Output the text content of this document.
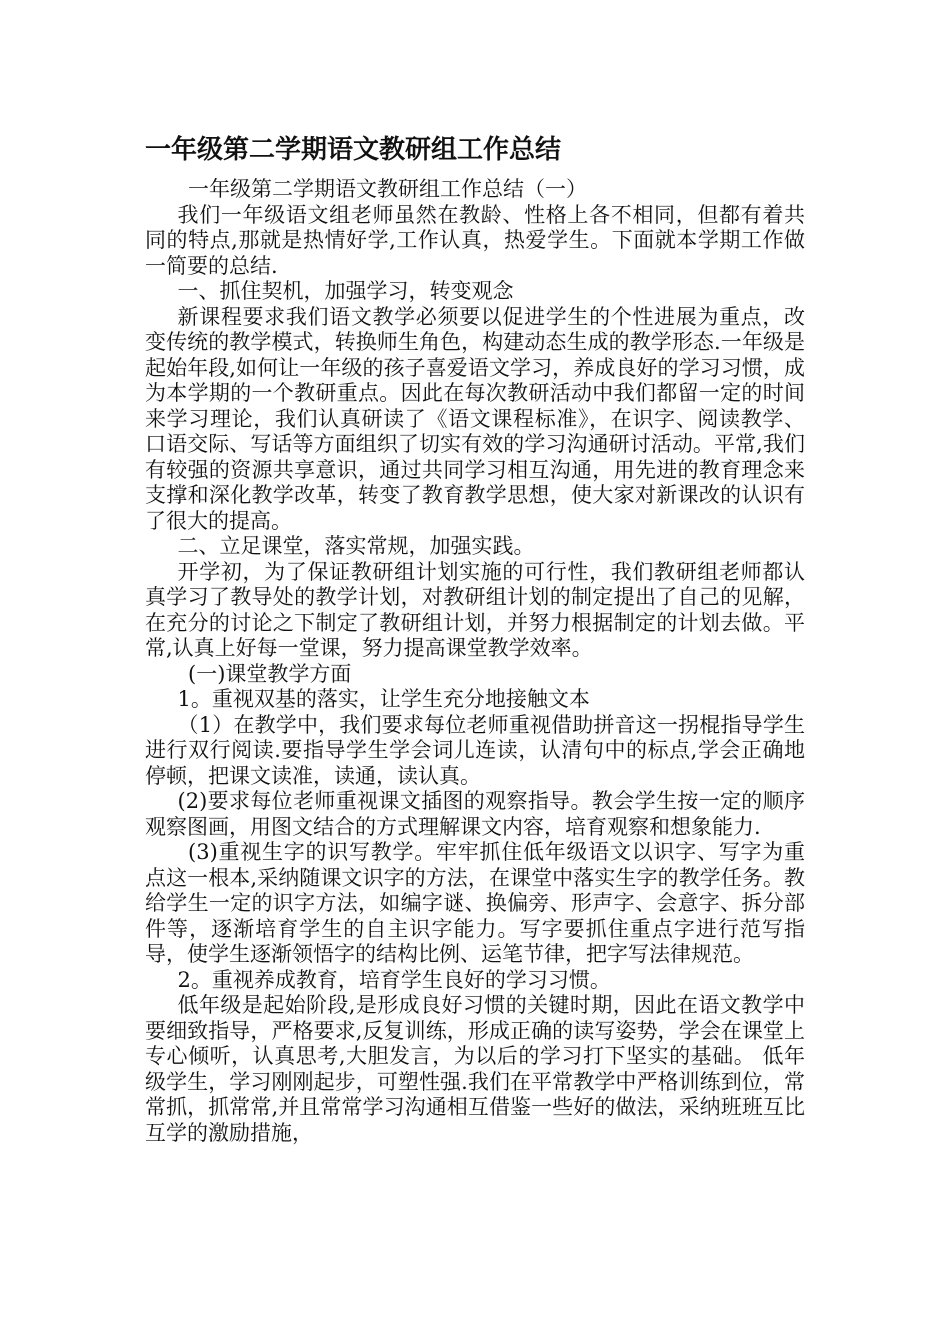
一年级第二学期语文教研组工作总结

一年级第二学期语文教研组工作总结（一）

我们一年级语文组老师虽然在教龄、性格上各不相同，但都有着共同的特点,那就是热情好学,工作认真，热爱学生。下面就本学期工作做一简要的总结.

一、抓住契机，加强学习，转变观念

新课程要求我们语文教学必须要以促进学生的个性进展为重点，改变传统的教学模式，转换师生角色，构建动态生成的教学形态.一年级是起始年段,如何让一年级的孩子喜爱语文学习，养成良好的学习习惯，成为本学期的一个教研重点。因此在每次教研活动中我们都留一定的时间来学习理论，我们认真研读了《语文课程标准》，在识字、阅读教学、口语交际、写话等方面组织了切实有效的学习沟通研讨活动。平常,我们有较强的资源共享意识，通过共同学习相互沟通，用先进的教育理念来支撑和深化教学改革，转变了教育教学思想，使大家对新课改的认识有了很大的提高。

二、立足课堂，落实常规，加强实践。

开学初，为了保证教研组计划实施的可行性，我们教研组老师都认真学习了教导处的教学计划，对教研组计划的制定提出了自己的见解，在充分的讨论之下制定了教研组计划，并努力根据制定的计划去做。平常,认真上好每一堂课，努力提高课堂教学效率。

(一)课堂教学方面

1。重视双基的落实，让学生充分地接触文本

（1）在教学中，我们要求每位老师重视借助拼音这一拐棍指导学生进行双行阅读.要指导学生学会词儿连读，认清句中的标点,学会正确地停顿，把课文读准，读通，读认真。

(2)要求每位老师重视课文插图的观察指导。教会学生按一定的顺序观察图画，用图文结合的方式理解课文内容，培育观察和想象能力.

(3)重视生字的识写教学。牢牢抓住低年级语文以识字、写字为重点这一根本,采纳随课文识字的方法，在课堂中落实生字的教学任务。教给学生一定的识字方法，如编字谜、换偏旁、形声字、会意字、拆分部件等，逐渐培育学生的自主识字能力。写字要抓住重点字进行范写指导，使学生逐渐领悟字的结构比例、运笔节律，把字写法律规范。

2。重视养成教育，培育学生良好的学习习惯。

低年级是起始阶段,是形成良好习惯的关键时期，因此在语文教学中要细致指导，严格要求,反复训练，形成正确的读写姿势，学会在课堂上专心倾听，认真思考,大胆发言，为以后的学习打下坚实的基础。 低年级学生，学习刚刚起步，可塑性强.我们在平常教学中严格训练到位，常常抓，抓常常,并且常常学习沟通相互借鉴一些好的做法，采纳班班互比互学的激励措施，
